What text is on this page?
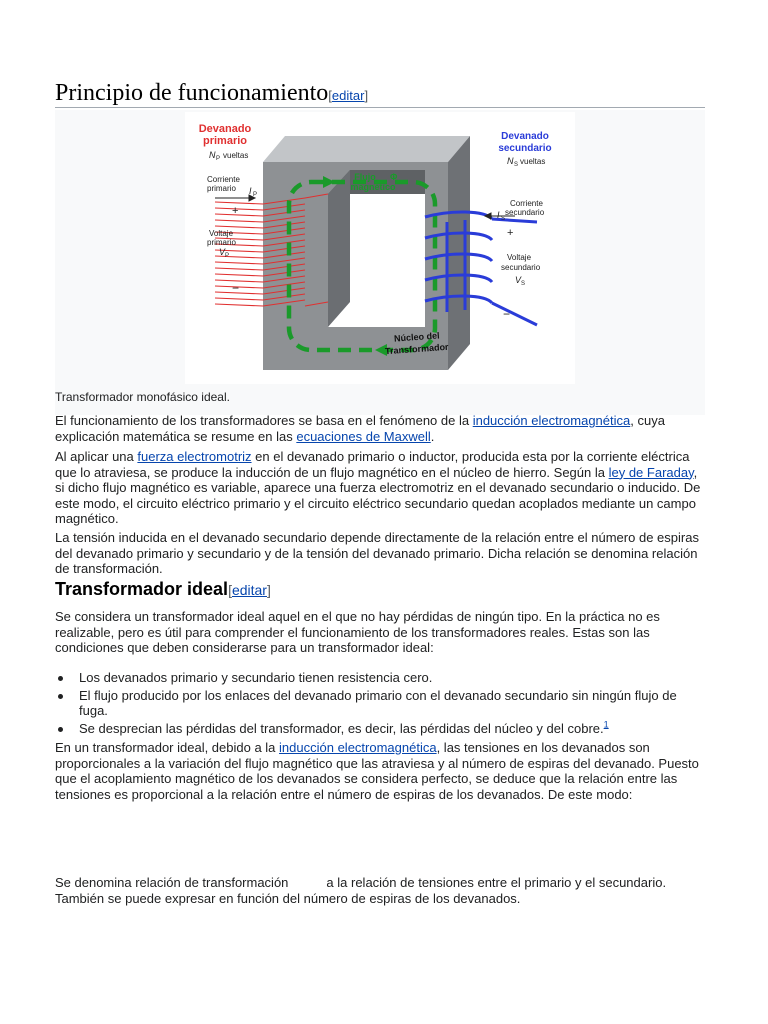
Principio de funcionamiento[editar]
Devanado
primario
N P vueltas
Corriente
primario I P
+
Voltaje
primario
V P
−
Flujo Φ
magnético
Núcleo del
Transformador
Devanado
secundario
N S vueltas
Corriente
secundario
I S
+
Voltaje
secundario
V S
−
Transformador monofásico ideal.

El funcionamiento de los transformadores se basa en el fenómeno de la inducción electromagnética, cuya explicación matemática se resume en las ecuaciones de Maxwell.

Al aplicar una fuerza electromotriz en el devanado primario o inductor, producida esta por la corriente eléctrica que lo atraviesa, se produce la inducción de un flujo magnético en el núcleo de hierro. Según la ley de Faraday, si dicho flujo magnético es variable, aparece una fuerza electromotriz en el devanado secundario o inducido. De este modo, el circuito eléctrico primario y el circuito eléctrico secundario quedan acoplados mediante un campo magnético.

La tensión inducida en el devanado secundario depende directamente de la relación entre el número de espiras del devanado primario y secundario y de la tensión del devanado primario. Dicha relación se denomina relación de transformación.

Transformador ideal[editar]

Se considera un transformador ideal aquel en el que no hay pérdidas de ningún tipo. En la práctica no es realizable, pero es útil para comprender el funcionamiento de los transformadores reales. Estas son las condiciones que deben considerarse para un transformador ideal:

Los devanados primario y secundario tienen resistencia cero.
El flujo producido por los enlaces del devanado primario con el devanado secundario sin ningún flujo de fuga.
Se desprecian las pérdidas del transformador, es decir, las pérdidas del núcleo y del cobre.$^1$

En un transformador ideal, debido a la inducción electromagnética, las tensiones en los devanados son proporcionales a la variación del flujo magnético que las atraviesa y al número de espiras del devanado. Puesto que el acoplamiento magnético de los devanados se considera perfecto, se deduce que la relación entre las tensiones es proporcional a la relación entre el número de espiras de los devanados. De este modo:

Se denomina relación de transformación	a la relación de tensiones entre el primario y el secundario. También se puede expresar en función del número de espiras de los devanados.
